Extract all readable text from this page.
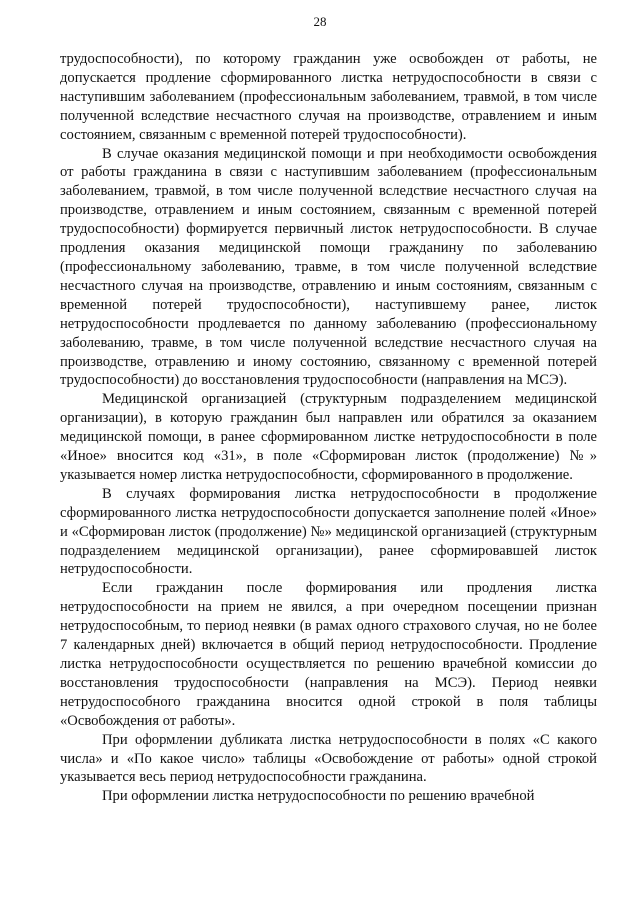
28

трудоспособности), по которому гражданин уже освобожден от работы, не допускается продление сформированного листка нетрудоспособности в связи с наступившим заболеванием (профессиональным заболеванием, травмой, в том числе полученной вследствие несчастного случая на производстве, отравлением и иным состоянием, связанным с временной потерей трудоспособности).

В случае оказания медицинской помощи и при необходимости освобождения от работы гражданина в связи с наступившим заболеванием (профессиональным заболеванием, травмой, в том числе полученной вследствие несчастного случая на производстве, отравлением и иным состоянием, связанным с временной потерей трудоспособности) формируется первичный листок нетрудоспособности. В случае продления оказания медицинской помощи гражданину по заболеванию (профессиональному заболеванию, травме, в том числе полученной вследствие несчастного случая на производстве, отравлению и иным состояниям, связанным с временной потерей трудоспособности), наступившему ранее, листок нетрудоспособности продлевается по данному заболеванию (профессиональному заболеванию, травме, в том числе полученной вследствие несчастного случая на производстве, отравлению и иному состоянию, связанному с временной потерей трудоспособности) до восстановления трудоспособности (направления на МСЭ).

Медицинской организацией (структурным подразделением медицинской организации), в которую гражданин был направлен или обратился за оказанием медицинской помощи, в ранее сформированном листке нетрудоспособности в поле «Иное» вносится код «31», в поле «Сформирован листок (продолжение) №» указывается номер листка нетрудоспособности, сформированного в продолжение.

В случаях формирования листка нетрудоспособности в продолжение сформированного листка нетрудоспособности допускается заполнение полей «Иное» и «Сформирован листок (продолжение) №» медицинской организацией (структурным подразделением медицинской организации), ранее сформировавшей листок нетрудоспособности.

Если гражданин после формирования или продления листка нетрудоспособности на прием не явился, а при очередном посещении признан нетрудоспособным, то период неявки (в рамах одного страхового случая, но не более 7 календарных дней) включается в общий период нетрудоспособности. Продление листка нетрудоспособности осуществляется по решению врачебной комиссии до восстановления трудоспособности (направления на МСЭ). Период неявки нетрудоспособного гражданина вносится одной строкой в поля таблицы «Освобождения от работы».

При оформлении дубликата листка нетрудоспособности в полях «С какого числа» и «По какое число» таблицы «Освобождение от работы» одной строкой указывается весь период нетрудоспособности гражданина.

При оформлении листка нетрудоспособности по решению врачебной
